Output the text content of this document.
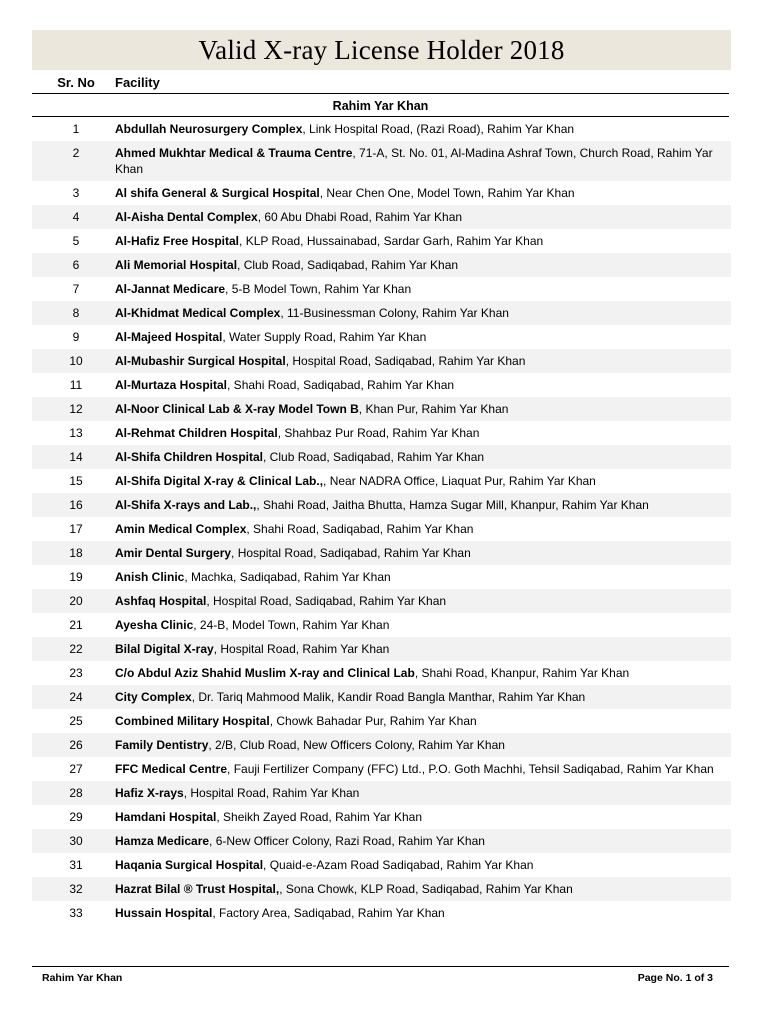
Valid X-ray License Holder 2018
Sr. No	Facility
Rahim Yar Khan
1	Abdullah Neurosurgery Complex, Link Hospital Road, (Razi Road), Rahim Yar Khan
2	Ahmed Mukhtar Medical & Trauma Centre, 71-A, St. No. 01, Al-Madina Ashraf Town, Church Road, Rahim Yar Khan
3	Al shifa General & Surgical Hospital, Near Chen One, Model Town, Rahim Yar Khan
4	Al-Aisha Dental Complex, 60 Abu Dhabi Road, Rahim Yar Khan
5	Al-Hafiz Free Hospital, KLP Road, Hussainabad, Sardar Garh, Rahim Yar Khan
6	Ali Memorial Hospital, Club Road, Sadiqabad, Rahim Yar Khan
7	Al-Jannat Medicare, 5-B Model Town, Rahim Yar Khan
8	Al-Khidmat Medical Complex, 11-Businessman Colony, Rahim Yar Khan
9	Al-Majeed Hospital, Water Supply Road, Rahim Yar Khan
10	Al-Mubashir Surgical Hospital, Hospital Road, Sadiqabad, Rahim Yar Khan
11	Al-Murtaza Hospital, Shahi Road, Sadiqabad, Rahim Yar Khan
12	Al-Noor Clinical Lab & X-ray Model Town B, Khan Pur, Rahim Yar Khan
13	Al-Rehmat Children Hospital, Shahbaz Pur Road, Rahim Yar Khan
14	Al-Shifa Children Hospital, Club Road, Sadiqabad, Rahim Yar Khan
15	Al-Shifa Digital X-ray & Clinical Lab.,, Near NADRA Office, Liaquat Pur, Rahim Yar Khan
16	Al-Shifa X-rays and Lab.,, Shahi Road, Jaitha Bhutta, Hamza Sugar Mill, Khanpur, Rahim Yar Khan
17	Amin Medical Complex, Shahi Road, Sadiqabad, Rahim Yar Khan
18	Amir Dental Surgery, Hospital Road, Sadiqabad, Rahim Yar Khan
19	Anish Clinic, Machka, Sadiqabad, Rahim Yar Khan
20	Ashfaq Hospital, Hospital Road, Sadiqabad, Rahim Yar Khan
21	Ayesha Clinic, 24-B, Model Town, Rahim Yar Khan
22	Bilal Digital X-ray, Hospital Road, Rahim Yar Khan
23	C/o Abdul Aziz Shahid Muslim X-ray and Clinical Lab, Shahi Road, Khanpur, Rahim Yar Khan
24	City Complex, Dr. Tariq Mahmood Malik, Kandir Road Bangla Manthar, Rahim Yar Khan
25	Combined Military Hospital, Chowk Bahadar Pur, Rahim Yar Khan
26	Family Dentistry, 2/B, Club Road, New Officers Colony, Rahim Yar Khan
27	FFC Medical Centre, Fauji Fertilizer Company (FFC) Ltd., P.O. Goth Machhi, Tehsil Sadiqabad, Rahim Yar Khan
28	Hafiz X-rays, Hospital Road, Rahim Yar Khan
29	Hamdani Hospital, Sheikh Zayed Road, Rahim Yar Khan
30	Hamza Medicare, 6-New Officer Colony, Razi Road, Rahim Yar Khan
31	Haqania Surgical Hospital, Quaid-e-Azam Road Sadiqabad, Rahim Yar Khan
32	Hazrat Bilal ® Trust Hospital,, Sona Chowk, KLP Road, Sadiqabad, Rahim Yar Khan
33	Hussain Hospital, Factory Area, Sadiqabad, Rahim Yar Khan
Rahim Yar Khan	Page No. 1 of 3
